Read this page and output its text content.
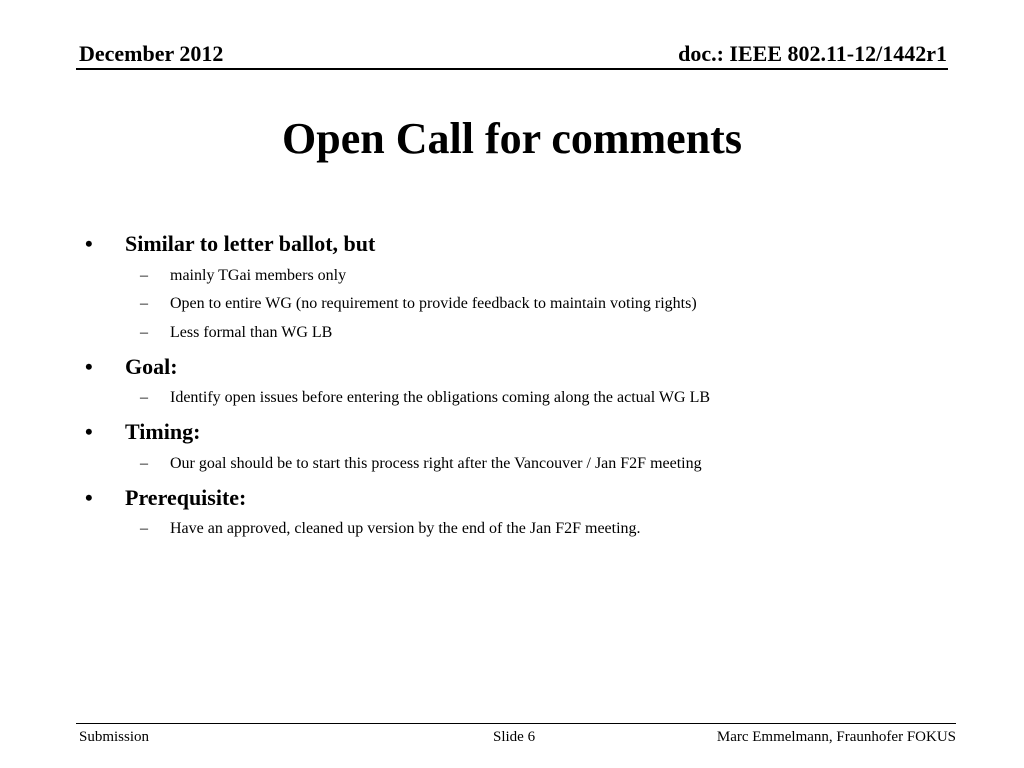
December 2012	doc.: IEEE 802.11-12/1442r1
Open Call for comments
•	Similar to letter ballot, but
–	mainly TGai members only
–	Open to entire WG (no requirement to provide feedback to maintain voting rights)
–	Less formal than WG LB
•	Goal:
–	Identify open issues before entering the obligations coming along the actual WG LB
•	Timing:
–	Our goal should be to start this process right after the Vancouver / Jan F2F meeting
•	Prerequisite:
–	Have an approved, cleaned up version by the end of the Jan F2F meeting.
Submission	Slide 6	Marc Emmelmann, Fraunhofer FOKUS
